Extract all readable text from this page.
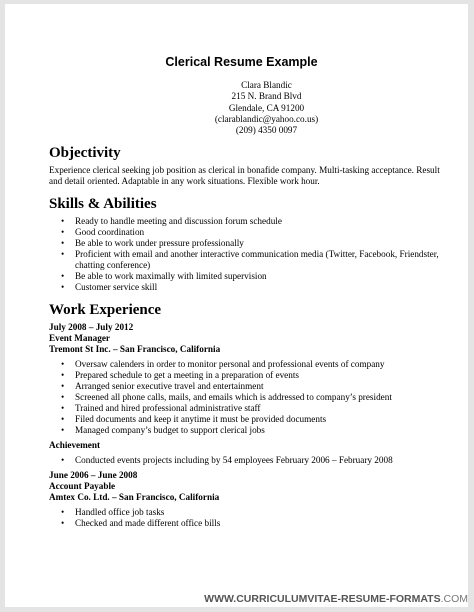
Clerical Resume Example
Clara Blandic
215 N. Brand Blvd
Glendale, CA 91200
(clarablandic@yahoo.co.us)
(209) 4350 0097
Objectivity

Experience clerical seeking job position as clerical in bonafide company. Multi-tasking acceptance. Result and detail oriented. Adaptable in any work situations. Flexible work hour.

Skills & Abilities
• Ready to handle meeting and discussion forum schedule
• Good coordination
• Be able to work under pressure professionally
• Proficient with email and another interactive communication media (Twitter, Facebook, Friendster, chatting conference)
• Be able to work maximally with limited supervision
• Customer service skill
Work Experience

July 2008 – July 2012

Event Manager

Tremont St Inc. – San Francisco, California

• Oversaw calenders in order to monitor personal and professional events of company
• Prepared schedule to get a meeting in a preparation of events
• Arranged senior executive travel and entertainment
• Screened all phone calls, mails, and emails which is addressed to company’s president
• Trained and hired professional administrative staff
• Filed documents and keep it anytime it must be provided documents
• Managed company’s budget to support clerical jobs

Achievement

• Conducted events projects including by 54 employees February 2006 – February 2008

June 2006 – June 2008

Account Payable

Amtex Co. Ltd. – San Francisco, California

• Handled office job tasks
• Checked and made different office bills
WWW.CURRICULUMVITAE-RESUME-FORMATS.COM
